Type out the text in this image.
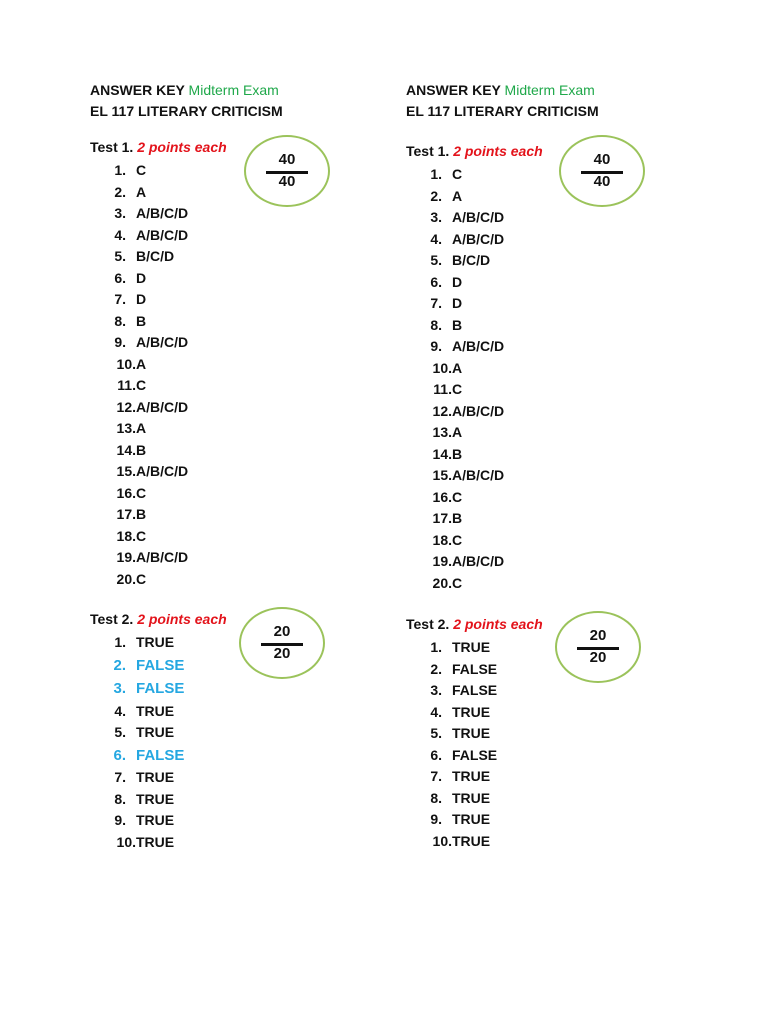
ANSWER KEY Midterm Exam
EL 117 LITERARY CRITICISM
Test 1. 2 points each
40
40
1. C
2. A
3. A/B/C/D
4. A/B/C/D
5. B/C/D
6. D
7. D
8. B
9. A/B/C/D
10.A
11.C
12.A/B/C/D
13.A
14.B
15.A/B/C/D
16.C
17.B
18.C
19.A/B/C/D
20.C
Test 2. 2 points each
20
20
1. TRUE
2. FALSE
3. FALSE
4. TRUE
5. TRUE
6. FALSE
7. TRUE
8. TRUE
9. TRUE
10.TRUE
ANSWER KEY Midterm Exam
EL 117 LITERARY CRITICISM
Test 1. 2 points each	40
40
1. C
2. A
3. A/B/C/D
4. A/B/C/D
5. B/C/D
6. D
7. D
8. B
9. A/B/C/D
10.A
11.C
12.A/B/C/D
13.A
14.B
15.A/B/C/D
16.C
17.B
18.C
19.A/B/C/D
20.C
Test 2. 2 points each
20
20
1. TRUE
2. FALSE
3. FALSE
4. TRUE
5. TRUE
6. FALSE
7. TRUE
8. TRUE
9. TRUE
10.TRUE
